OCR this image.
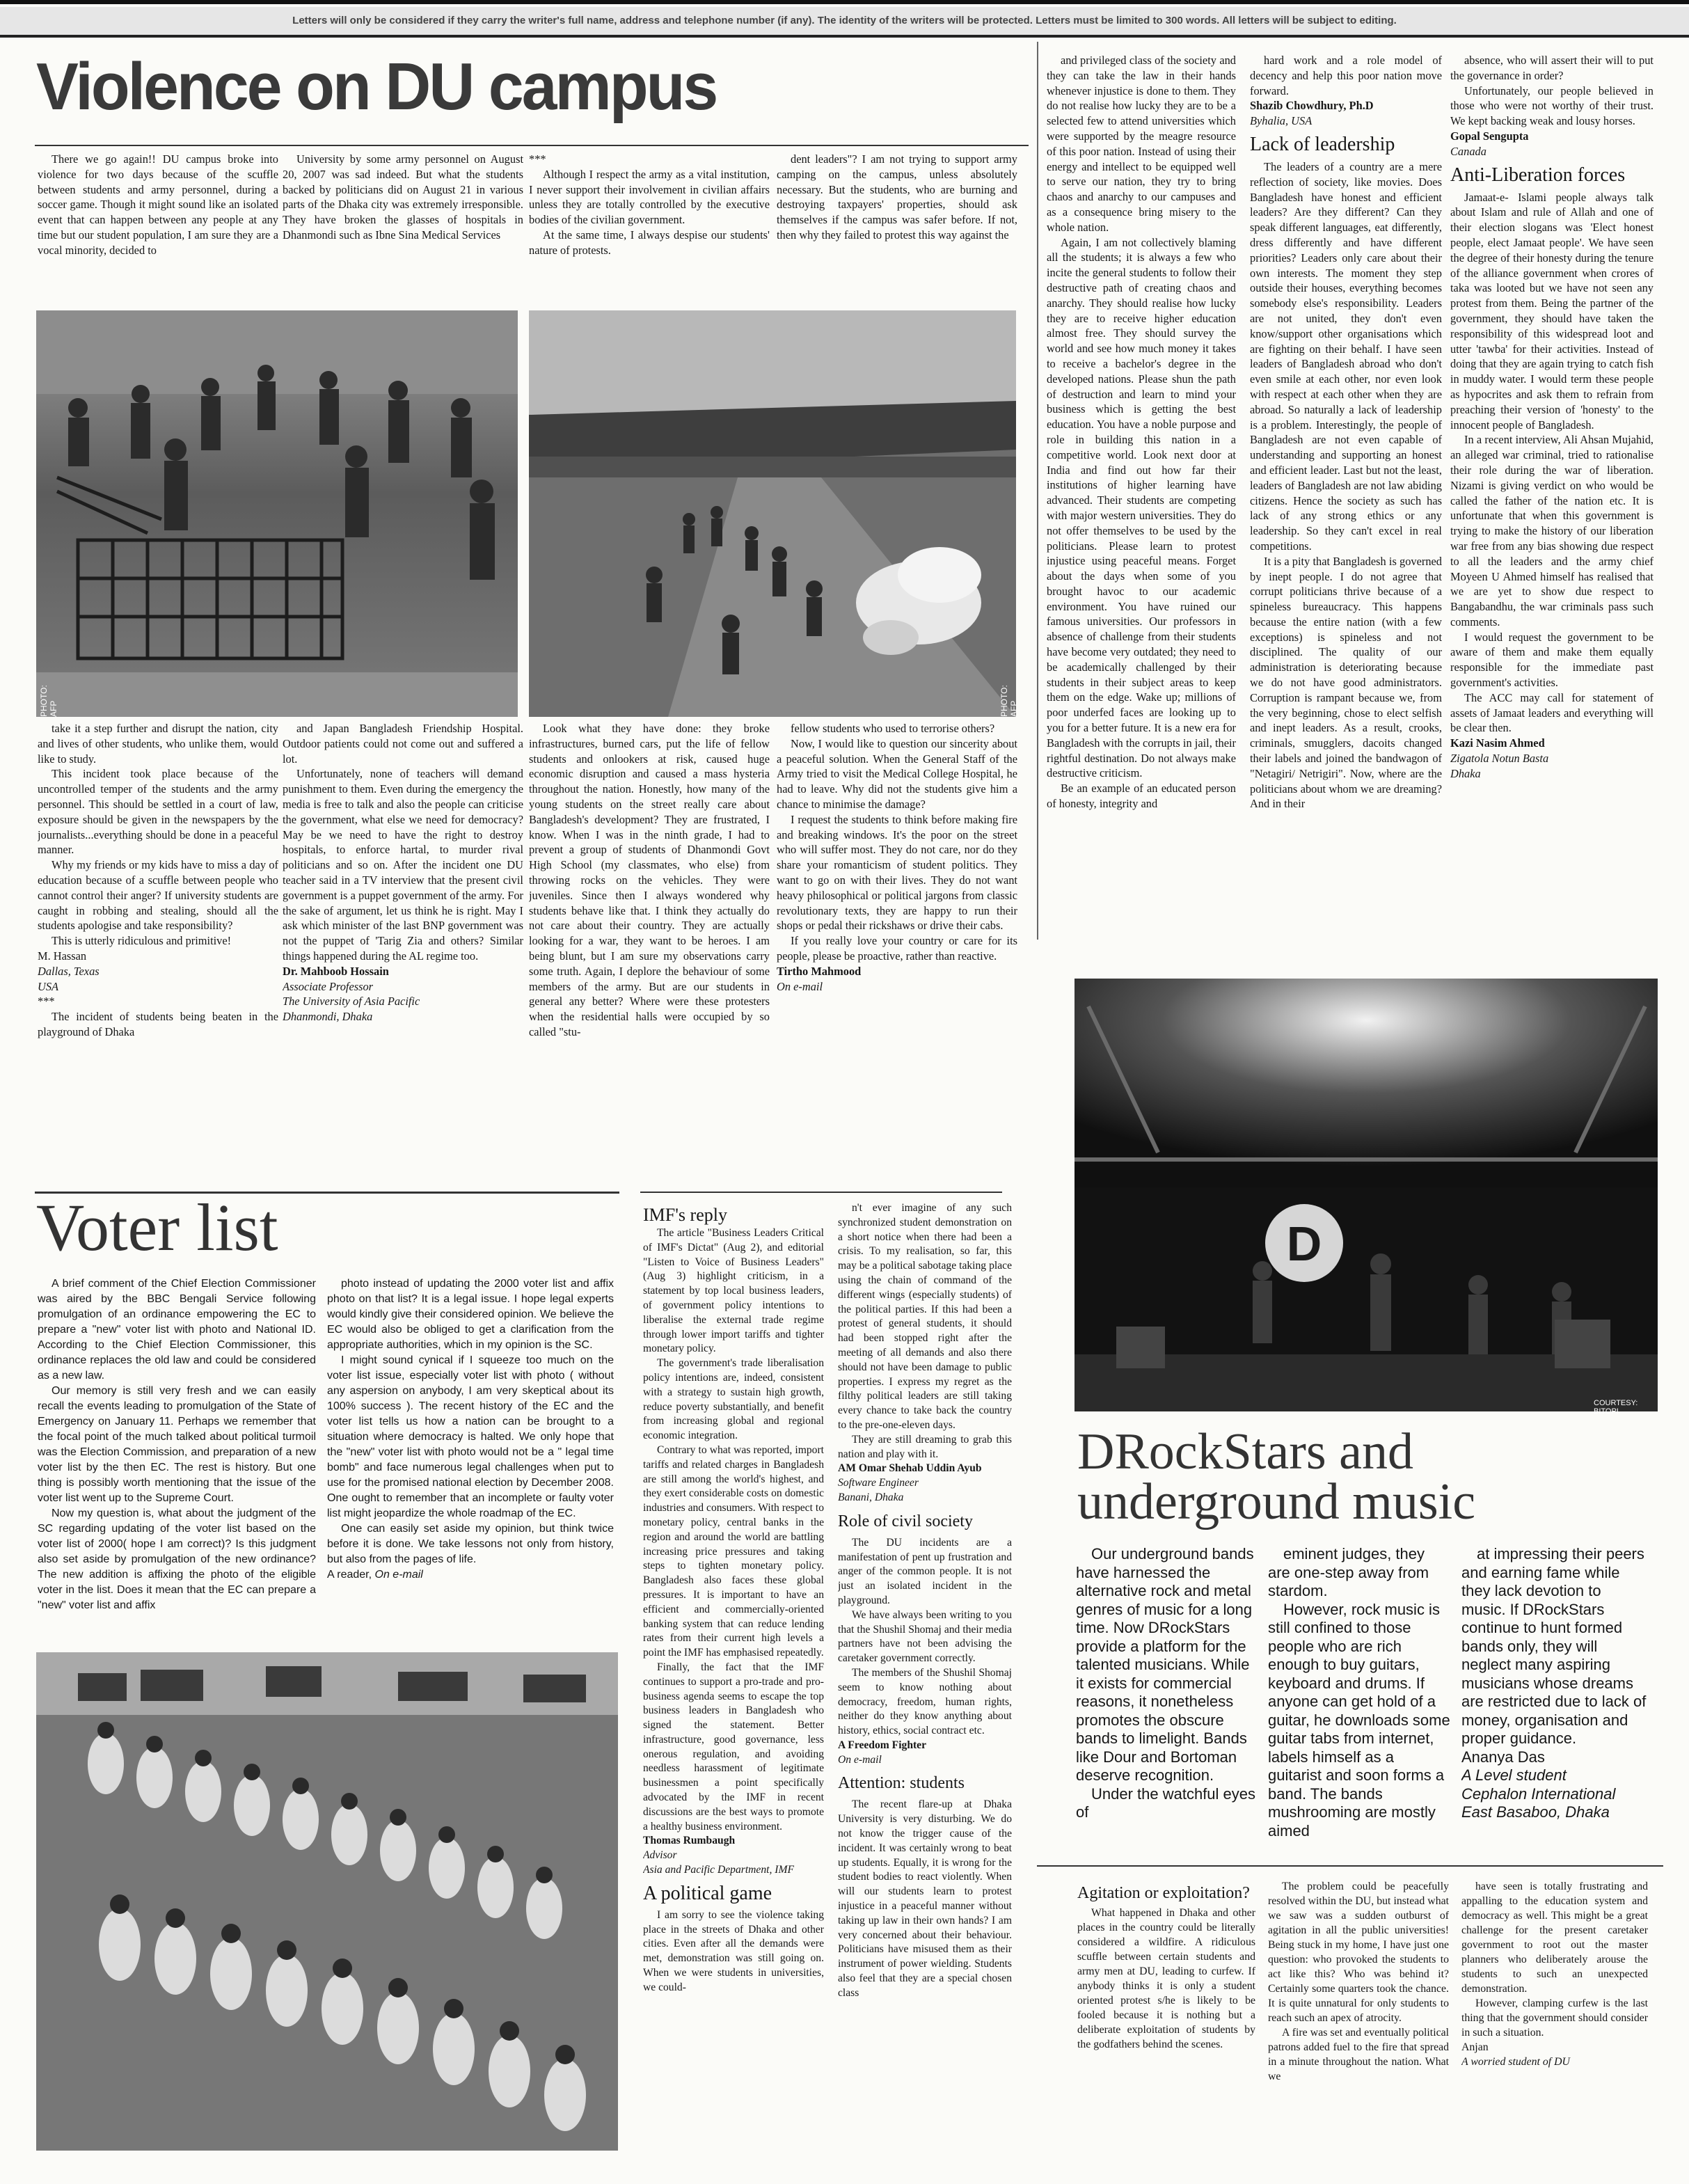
Letters will only be considered if they carry the writer's full name, address and telephone number (if any). The identity of the writers will be protected. Letters must be limited to 300 words. All letters will be subject to editing.
Violence on DU campus

There we go again!! DU campus broke into violence for two days because of the scuffle between students and army personnel, during a soccer game. Though it might sound like an isolated event that can happen between any people at any time but our student population, I am sure they are a vocal minority, decided to

University by some army personnel on August 20, 2007 was sad indeed. But what the students backed by politicians did on August 21 in various parts of the Dhaka city was extremely irresponsible. They have broken the glasses of hospitals in Dhanmondi such as Ibne Sina Medical Services

***

Although I respect the army as a vital institution, I never support their involvement in civilian affairs unless they are totally controlled by the executive bodies of the civilian government.

At the same time, I always despise our students' nature of protests.

dent leaders"? I am not trying to support army camping on the campus, unless absolutely necessary. But the students, who are burning and destroying taxpayers' properties, should ask themselves if the campus was safer before. If not, then why they failed to protest this way against the

PHOTO: AFP	PHOTO: AFP

take it a step further and disrupt the nation, city and lives of other students, who unlike them, would like to study.

This incident took place because of the uncontrolled temper of the students and the army personnel. This should be settled in a court of law, exposure should be given in the newspapers by the journalists...everything should be done in a peaceful manner.

Why my friends or my kids have to miss a day of education because of a scuffle between people who cannot control their anger? If university students are caught in robbing and stealing, should all the students apologise and take responsibility?

This is utterly ridiculous and primitive!

M. Hassan

Dallas, Texas

USA

***

The incident of students being beaten in the playground of Dhaka

and Japan Bangladesh Friendship Hospital. Outdoor patients could not come out and suffered a lot.

Unfortunately, none of teachers will demand punishment to them. Even during the emergency the media is free to talk and also the people can criticise the government, what else we need for democracy? May be we need to have the right to destroy hospitals, to enforce hartal, to murder rival politicians and so on. After the incident one DU teacher said in a TV interview that the present civil government is a puppet government of the army. For the sake of argument, let us think he is right. May I ask which minister of the last BNP government was not the puppet of 'Tarig Zia and others? Similar things happened during the AL regime too.

Dr. Mahboob Hossain

Associate Professor

The University of Asia Pacific

Dhanmondi, Dhaka

Look what they have done: they broke infrastructures, burned cars, put the life of fellow students and onlookers at risk, caused huge economic disruption and caused a mass hysteria throughout the nation. Honestly, how many of the young students on the street really care about Bangladesh's development? They are frustrated, I know. When I was in the ninth grade, I had to prevent a group of students of Dhanmondi Govt High School (my classmates, who else) from throwing rocks on the vehicles. They were juveniles. Since then I always wondered why students behave like that. I think they actually do not care about their country. They are actually looking for a war, they want to be heroes. I am being blunt, but I am sure my observations carry some truth. Again, I deplore the behaviour of some members of the army. But are our students in general any better? Where were these protesters when the residential halls were occupied by so called "stu-

fellow students who used to terrorise others?

Now, I would like to question our sincerity about a peaceful solution. When the General Staff of the Army tried to visit the Medical College Hospital, he had to leave. Why did not the students give him a chance to minimise the damage?

I request the students to think before making fire and breaking windows. It's the poor on the street who will suffer most. They do not care, nor do they share your romanticism of student politics. They want to go on with their lives. They do not want heavy philosophical or political jargons from classic revolutionary texts, they are happy to run their shops or pedal their rickshaws or drive their cabs.

If you really love your country or care for its people, please be proactive, rather than reactive.

Tirtho Mahmood

On e-mail

and privileged class of the society and they can take the law in their hands whenever injustice is done to them. They do not realise how lucky they are to be a selected few to attend universities which were supported by the meagre resource of this poor nation. Instead of using their energy and intellect to be equipped well to serve our nation, they try to bring chaos and anarchy to our campuses and as a consequence bring misery to the whole nation.

Again, I am not collectively blaming all the students; it is always a few who incite the general students to follow their destructive path of creating chaos and anarchy. They should realise how lucky they are to receive higher education almost free. They should survey the world and see how much money it takes to receive a bachelor's degree in the developed nations. Please shun the path of destruction and learn to mind your business which is getting the best education. You have a noble purpose and role in building this nation in a competitive world. Look next door at India and find out how far their institutions of higher learning have advanced. Their students are competing with major western universities. They do not offer themselves to be used by the politicians. Please learn to protest injustice using peaceful means. Forget about the days when some of you brought havoc to our academic environment. You have ruined our famous universities. Our professors in absence of challenge from their students have become very outdated; they need to be academically challenged by their students in their subject areas to keep them on the edge. Wake up; millions of poor underfed faces are looking up to you for a better future. It is a new era for Bangladesh with the corrupts in jail, their rightful destination. Do not always make destructive criticism.

Be an example of an educated person of honesty, integrity and

hard work and a role model of decency and help this poor nation move forward.

Shazib Chowdhury, Ph.D

Byhalia, USA

Lack of leadership

The leaders of a country are a mere reflection of society, like movies. Does Bangladesh have honest and efficient leaders? Are they different? Can they speak different languages, eat differently, dress differently and have different priorities? Leaders only care about their own interests. The moment they step outside their houses, everything becomes somebody else's responsibility. Leaders are not united, they don't even know/support other organisations which are fighting on their behalf. I have seen leaders of Bangladesh abroad who don't even smile at each other, nor even look with respect at each other when they are abroad. So naturally a lack of leadership is a problem. Interestingly, the people of Bangladesh are not even capable of understanding and supporting an honest and efficient leader. Last but not the least, leaders of Bangladesh are not law abiding citizens. Hence the society as such has lack of any strong ethics or any leadership. So they can't excel in real competitions.

It is a pity that Bangladesh is governed by inept people. I do not agree that corrupt politicians thrive because of a spineless bureaucracy. This happens because the entire nation (with a few exceptions) is spineless and not disciplined. The quality of our administration is deteriorating because we do not have good administrators. Corruption is rampant because we, from the very beginning, chose to elect selfish and inept leaders. As a result, crooks, criminals, smugglers, dacoits changed their labels and joined the bandwagon of "Netagiri/ Netrigiri". Now, where are the politicians about whom we are dreaming? And in their

absence, who will assert their will to put the governance in order?

Unfortunately, our people believed in those who were not worthy of their trust. We kept backing weak and lousy horses.

Gopal Sengupta

Canada

Anti-Liberation forces

Jamaat-e- Islami people always talk about Islam and rule of Allah and one of their election slogans was 'Elect honest people, elect Jamaat people'. We have seen the degree of their honesty during the tenure of the alliance government when crores of taka was looted but we have not seen any protest from them. Being the partner of the government, they should have taken the responsibility of this widespread loot and utter 'tawba' for their activities. Instead of doing that they are again trying to catch fish in muddy water. I would term these people as hypocrites and ask them to refrain from preaching their version of 'honesty' to the innocent people of Bangladesh.

In a recent interview, Ali Ahsan Mujahid, an alleged war criminal, tried to rationalise their role during the war of liberation. Nizami is giving verdict on who would be called the father of the nation etc. It is unfortunate that when this government is trying to make the history of our liberation war free from any bias showing due respect to all the leaders and the army chief Moyeen U Ahmed himself has realised that we are yet to show due respect to Bangabandhu, the war criminals pass such comments.

I would request the government to be aware of them and make them equally responsible for the immediate past government's activities.

The ACC may call for statement of assets of Jamaat leaders and everything will be clear then.

Kazi Nasim Ahmed

Zigatola Notun Basta

Dhaka

Voter list

A brief comment of the Chief Election Commissioner was aired by the BBC Bengali Service following promulgation of an ordinance empowering the EC to prepare a "new" voter list with photo and National ID. According to the Chief Election Commissioner, this ordinance replaces the old law and could be considered as a new law.

Our memory is still very fresh and we can easily recall the events leading to promulgation of the State of Emergency on January 11. Perhaps we remember that the focal point of the much talked about political turmoil was the Election Commission, and preparation of a new voter list by the then EC. The rest is history. But one thing is possibly worth mentioning that the issue of the voter list went up to the Supreme Court.

Now my question is, what about the judgment of the SC regarding updating of the voter list based on the voter list of 2000( hope I am correct)? Is this judgment also set aside by promulgation of the new ordinance? The new addition is affixing the photo of the eligible voter in the list. Does it mean that the EC can prepare a "new" voter list and affix

photo instead of updating the 2000 voter list and affix photo on that list? It is a legal issue. I hope legal experts would kindly give their considered opinion. We believe the EC would also be obliged to get a clarification from the appropriate authorities, which in my opinion is the SC.

I might sound cynical if I squeeze too much on the voter list issue, especially voter list with photo ( without any aspersion on anybody, I am very skeptical about its 100% success ). The recent history of the EC and the voter list tells us how a nation can be brought to a situation where democracy is halted. We only hope that the "new" voter list with photo would not be a " legal time bomb" and face numerous legal challenges when put to use for the promised national election by December 2008. One ought to remember that an incomplete or faulty voter list might jeopardize the whole roadmap of the EC.

One can easily set aside my opinion, but think twice before it is done. We take lessons not only from history, but also from the pages of life.

A reader, On e-mail

IMF's reply

The article "Business Leaders Critical of IMF's Dictat" (Aug 2), and editorial "Listen to Voice of Business Leaders" (Aug 3) highlight criticism, in a statement by top local business leaders, of government policy intentions to liberalise the external trade regime through lower import tariffs and tighter monetary policy.

The government's trade liberalisation policy intentions are, indeed, consistent with a strategy to sustain high growth, reduce poverty substantially, and benefit from increasing global and regional economic integration.

Contrary to what was reported, import tariffs and related charges in Bangladesh are still among the world's highest, and they exert considerable costs on domestic industries and consumers. With respect to monetary policy, central banks in the region and around the world are battling increasing price pressures and taking steps to tighten monetary policy. Bangladesh also faces these global pressures. It is important to have an efficient and commercially-oriented banking system that can reduce lending rates from their current high levels a point the IMF has emphasised repeatedly.

Finally, the fact that the IMF continues to support a pro-trade and pro-business agenda seems to escape the top business leaders in Bangladesh who signed the statement. Better infrastructure, good governance, less onerous regulation, and avoiding needless harassment of legitimate businessmen a point specifically advocated by the IMF in recent discussions are the best ways to promote a healthy business environment.

Thomas Rumbaugh

Advisor

Asia and Pacific Department, IMF

A political game

I am sorry to see the violence taking place in the streets of Dhaka and other cities. Even after all the demands were met, demonstration was still going on. When we were students in universities, we could-

n't ever imagine of any such synchronized student demonstration on a short notice when there had been a crisis. To my realisation, so far, this may be a political sabotage taking place using the chain of command of the different wings (especially students) of the political parties. If this had been a protest of general students, it should had been stopped right after the meeting of all demands and also there should not have been damage to public properties. I express my regret as the filthy political leaders are still taking every chance to take back the country to the pre-one-eleven days.

They are still dreaming to grab this nation and play with it.

AM Omar Shehab Uddin Ayub

Software Engineer

Banani, Dhaka

Role of civil society

The DU incidents are a manifestation of pent up frustration and anger of the common people. It is not just an isolated incident in the playground.

We have always been writing to you that the Shushil Shomaj and their media partners have not been advising the caretaker government correctly.

The members of the Shushil Shomaj seem to know nothing about democracy, freedom, human rights, neither do they know anything about history, ethics, social contract etc.

A Freedom Fighter

On e-mail

Attention: students

The recent flare-up at Dhaka University is very disturbing. We do not know the trigger cause of the incident. It was certainly wrong to beat up students. Equally, it is wrong for the student bodies to react violently. When will our students learn to protest injustice in a peaceful manner without taking up law in their own hands? I am very concerned about their behaviour. Politicians have misused them as their instrument of power wielding. Students also feel that they are a special chosen class

D
COURTESY: BITOPI
DRockStars and
underground music

Our underground bands have harnessed the alternative rock and metal genres of music for a long time. Now DRockStars provide a platform for the talented musicians. While it exists for commercial reasons, it nonetheless promotes the obscure bands to limelight. Bands like Dour and Bortoman deserve recognition.

Under the watchful eyes of

eminent judges, they are one-step away from stardom.

However, rock music is still confined to those people who are rich enough to buy guitars, keyboard and drums. If anyone can get hold of a guitar, he downloads some guitar tabs from internet, labels himself as a guitarist and soon forms a band. The bands mushrooming are mostly aimed

at impressing their peers and earning fame while they lack devotion to music. If DRockStars continue to hunt formed bands only, they will neglect many aspiring musicians whose dreams are restricted due to lack of money, organisation and proper guidance.

Ananya Das

A Level student

Cephalon International

East Basaboo, Dhaka

Agitation or exploitation?

What happened in Dhaka and other places in the country could be literally considered a wildfire. A ridiculous scuffle between certain students and army men at DU, leading to curfew. If anybody thinks it is only a student oriented protest s/he is likely to be fooled because it is nothing but a deliberate exploitation of students by the godfathers behind the scenes.

The problem could be peacefully resolved within the DU, but instead what we saw was a sudden outburst of agitation in all the public universities! Being stuck in my home, I have just one question: who provoked the students to act like this? Who was behind it? Certainly some quarters took the chance. It is quite unnatural for only students to reach such an apex of atrocity.

A fire was set and eventually political patrons added fuel to the fire that spread in a minute throughout the nation. What we

have seen is totally frustrating and appalling to the education system and democracy as well. This might be a great challenge for the present caretaker government to root out the master planners who deliberately arouse the students to such an unexpected demonstration.

However, clamping curfew is the last thing that the government should consider in such a situation.

Anjan

A worried student of DU
